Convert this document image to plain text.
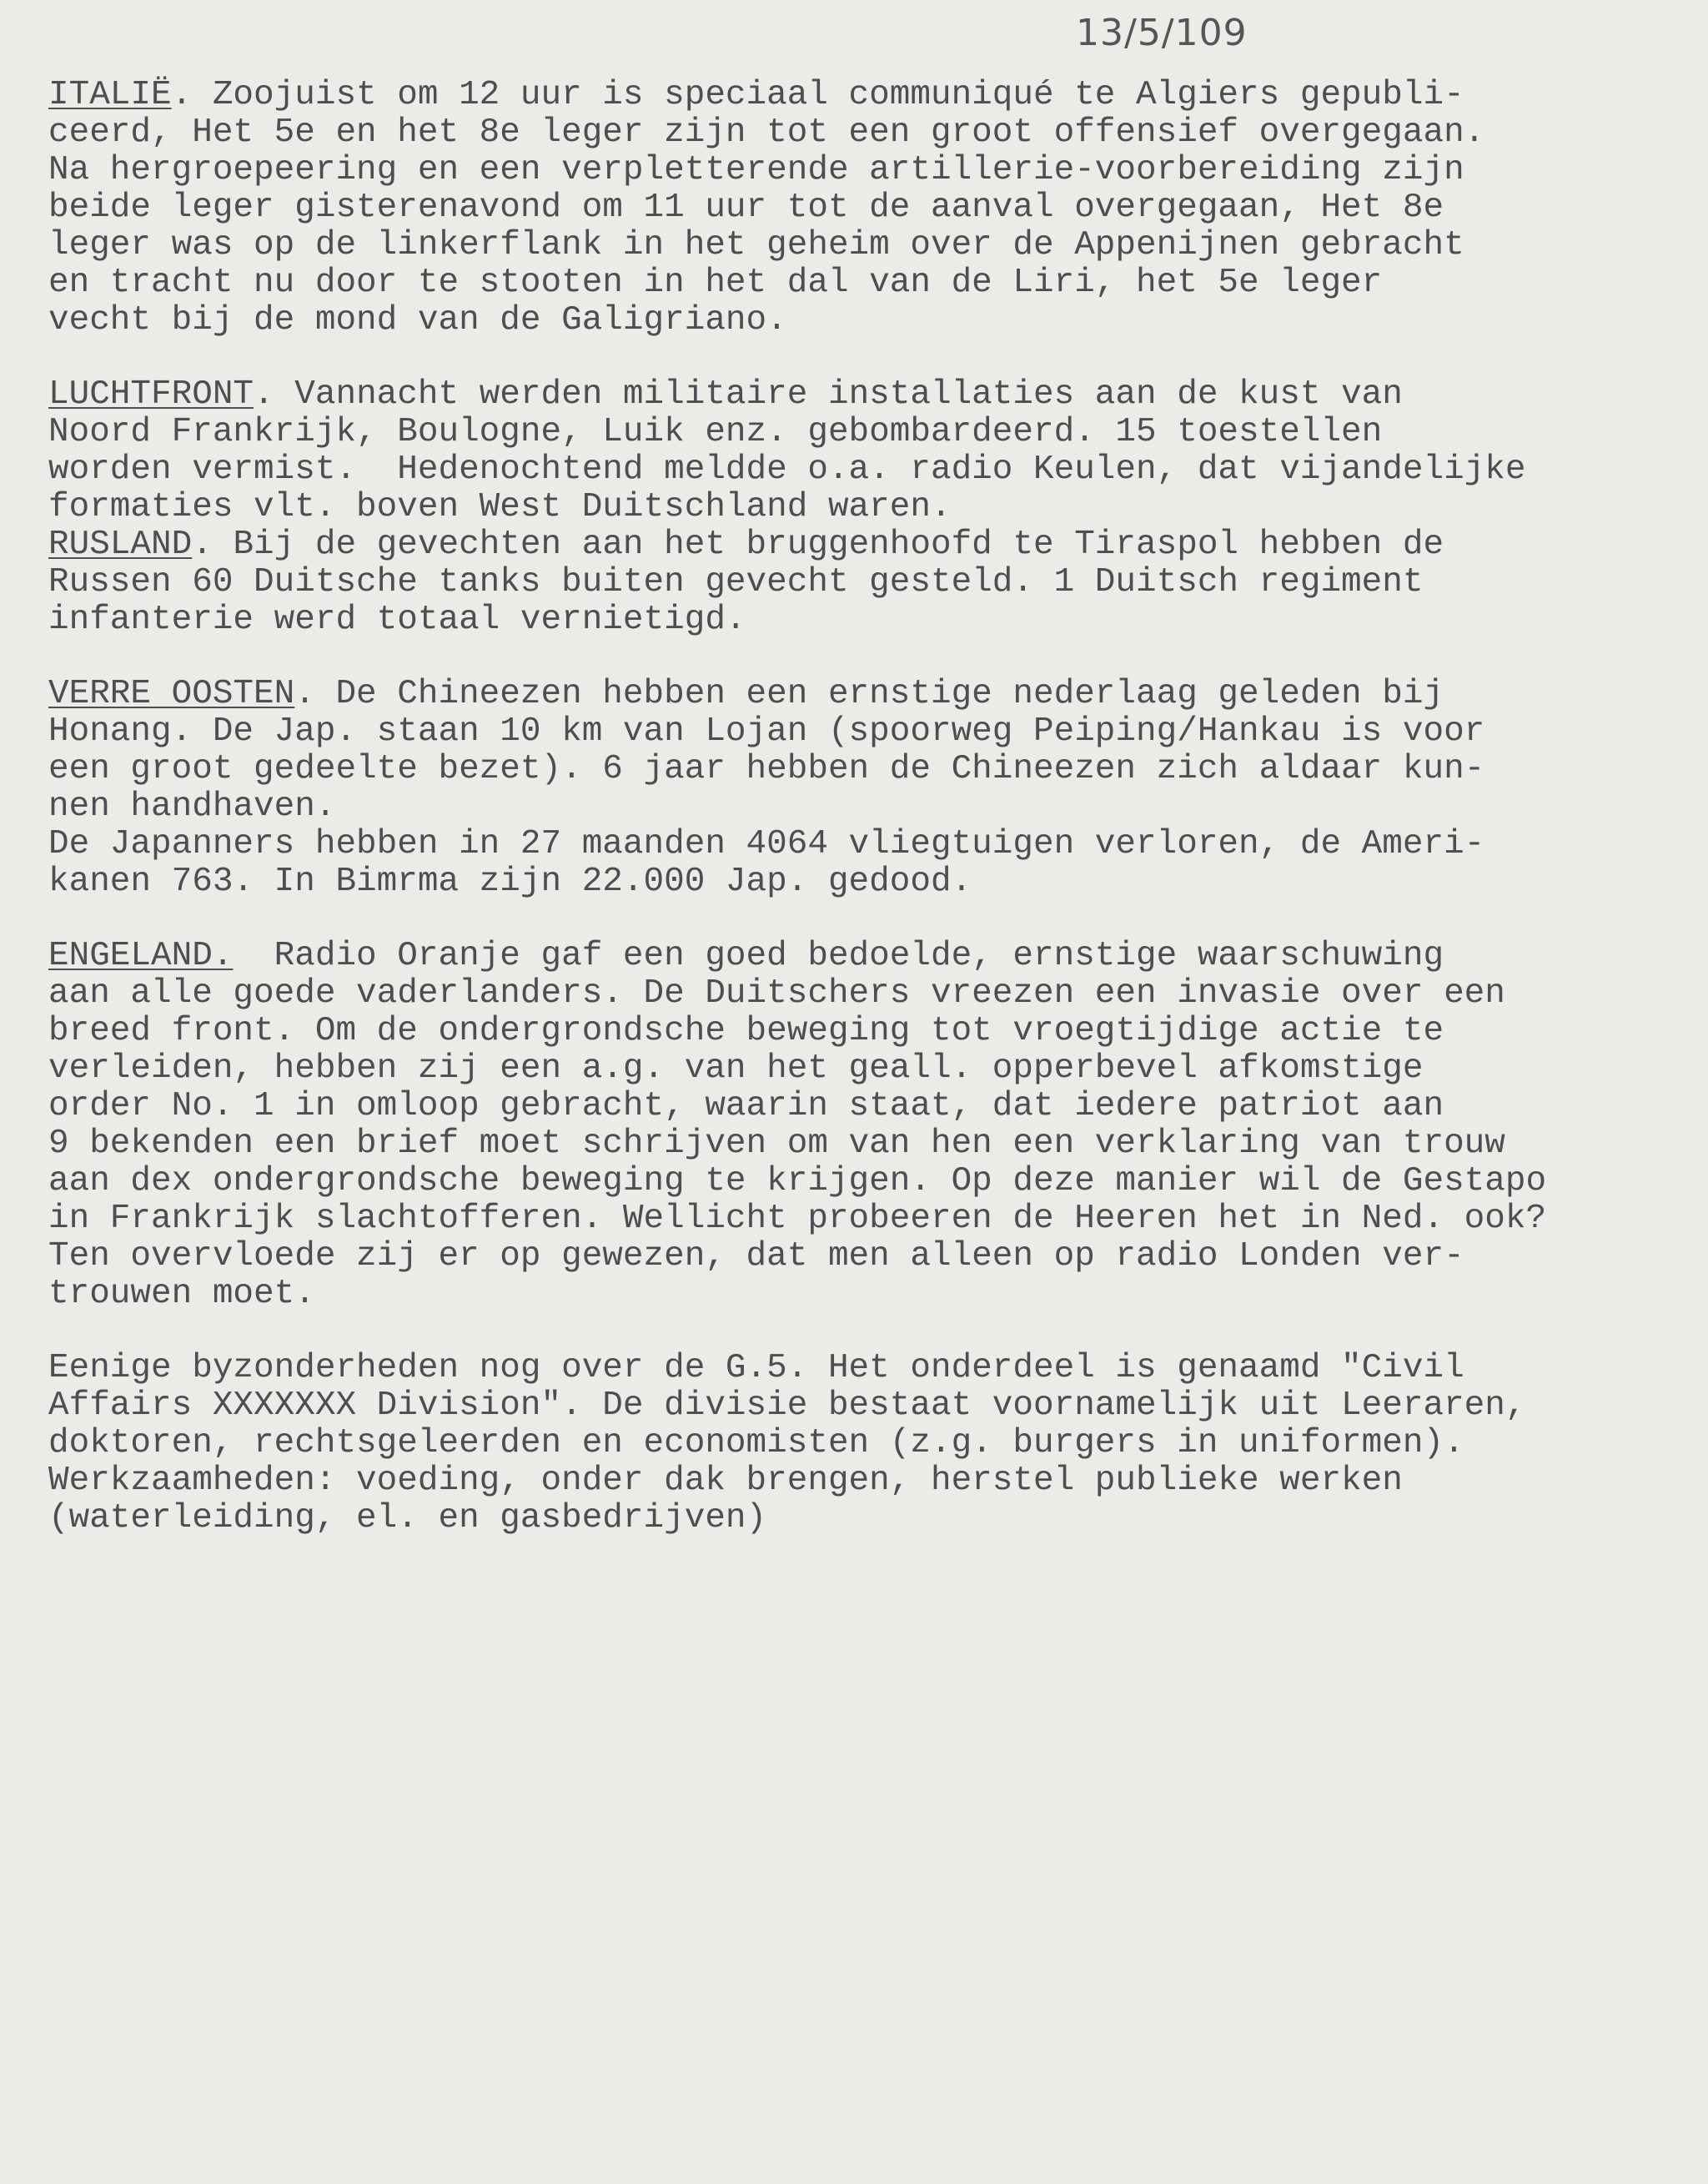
13/5/109
ITALIË. Zoojuist om 12 uur is speciaal communiqué te Algiers gepubli-
ceerd, Het 5e en het 8e leger zijn tot een groot offensief overgegaan.
Na hergroepeering en een verpletterende artillerie-voorbereiding zijn
beide leger gisterenavond om 11 uur tot de aanval overgegaan, Het 8e
leger was op de linkerflank in het geheim over de Appenijnen gebracht
en tracht nu door te stooten in het dal van de Liri, het 5e leger
vecht bij de mond van de Galigriano.
LUCHTFRONT. Vannacht werden militaire installaties aan de kust van
Noord Frankrijk, Boulogne, Luik enz. gebombardeerd. 15 toestellen
worden vermist.  Hedenochtend meldde o.a. radio Keulen, dat vijandelijke
formaties vlt. boven West Duitschland waren.
RUSLAND. Bij de gevechten aan het bruggenhoofd te Tiraspol hebben de
Russen 60 Duitsche tanks buiten gevecht gesteld. 1 Duitsch regiment
infanterie werd totaal vernietigd.
VERRE OOSTEN. De Chineezen hebben een ernstige nederlaag geleden bij
Honang. De Jap. staan 10 km van Lojan (spoorweg Peiping/Hankau is voor
een groot gedeelte bezet). 6 jaar hebben de Chineezen zich aldaar kun-
nen handhaven.
De Japanners hebben in 27 maanden 4064 vliegtuigen verloren, de Ameri-
kanen 763. In Bimrma zijn 22.000 Jap. gedood.
ENGELAND.  Radio Oranje gaf een goed bedoelde, ernstige waarschuwing
aan alle goede vaderlanders. De Duitschers vreezen een invasie over een
breed front. Om de ondergrondsche beweging tot vroegtijdige actie te
verleiden, hebben zij een a.g. van het geall. opperbevel afkomstige
order No. 1 in omloop gebracht, waarin staat, dat iedere patriot aan
9 bekenden een brief moet schrijven om van hen een verklaring van trouw
aan dex ondergrondsche beweging te krijgen. Op deze manier wil de Gestapo
in Frankrijk slachtofferen. Wellicht probeeren de Heeren het in Ned. ook?
Ten overvloede zij er op gewezen, dat men alleen op radio Londen ver-
trouwen moet.
Eenige byzonderheden nog over de G.5. Het onderdeel is genaamd "Civil
Affairs XXXXXXX Division". De divisie bestaat voornamelijk uit Leeraren,
doktoren, rechtsgeleerden en economisten (z.g. burgers in uniformen).
Werkzaamheden: voeding, onder dak brengen, herstel publieke werken
(waterleiding, el. en gasbedrijven)
